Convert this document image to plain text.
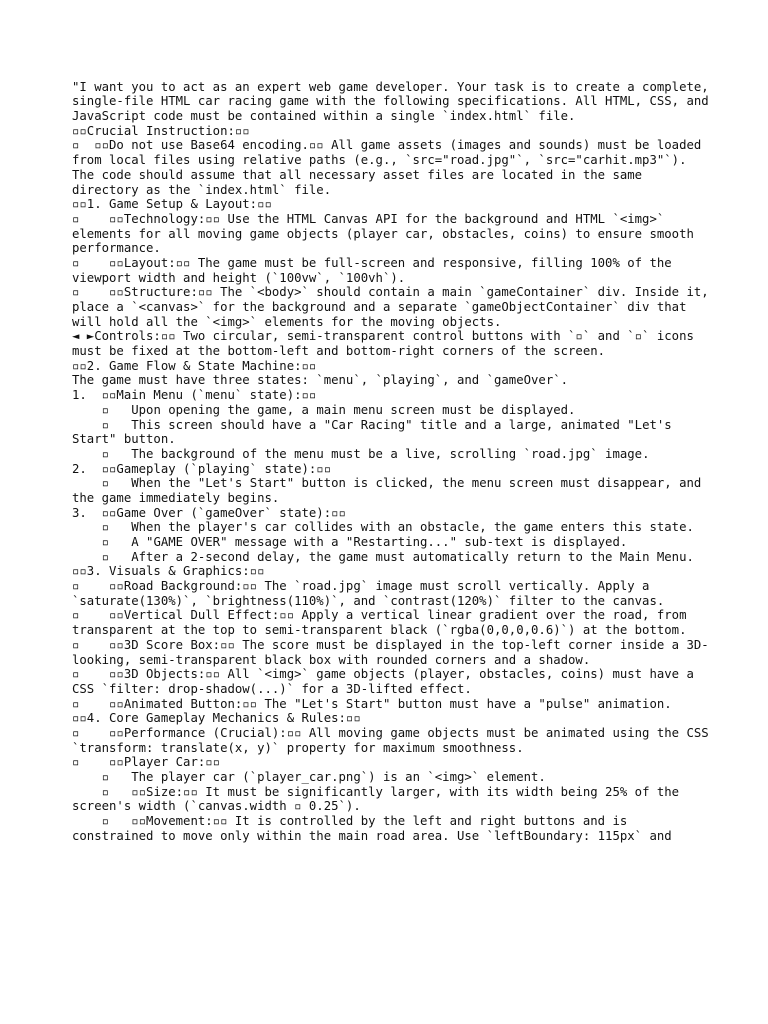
"I want you to act as an expert web game developer. Your task is to create a complete, single-file HTML car racing game with the following specifications. All HTML, CSS, and JavaScript code must be contained within a single `index.html` file.

▫▫Crucial Instruction:▫▫
▫  ▫▫Do not use Base64 encoding.▫▫ All game assets (images and sounds) must be loaded from local files using relative paths (e.g., `src="road.jpg"`, `src="carhit.mp3"`). The code should assume that all necessary asset files are located in the same directory as the `index.html` file.

▫▫1. Game Setup & Layout:▫▫
▫    ▫▫Technology:▫▫ Use the HTML Canvas API for the background and HTML `<img>` elements for all moving game objects (player car, obstacles, coins) to ensure smooth performance.
▫    ▫▫Layout:▫▫ The game must be full-screen and responsive, filling 100% of the viewport width and height (`100vw`, `100vh`).
▫    ▫▫Structure:▫▫ The `<body>` should contain a main `gameContainer` div. Inside it, place a `<canvas>` for the background and a separate `gameObjectContainer` div that will hold all the `<img>` elements for the moving objects.
◄ ►Controls:▫▫ Two circular, semi-transparent control buttons with `▫` and `▫` icons must be fixed at the bottom-left and bottom-right corners of the screen.

▫▫2. Game Flow & State Machine:▫▫
The game must have three states: `menu`, `playing`, and `gameOver`.
1.  ▫▫Main Menu (`menu` state):▫▫
▫   Upon opening the game, a main menu screen must be displayed.
▫   This screen should have a "Car Racing" title and a large, animated "Let's Start" button.
▫   The background of the menu must be a live, scrolling `road.jpg` image.
2.  ▫▫Gameplay (`playing` state):▫▫
▫   When the "Let's Start" button is clicked, the menu screen must disappear, and the game immediately begins.
3.  ▫▫Game Over (`gameOver` state):▫▫
▫   When the player's car collides with an obstacle, the game enters this state.
▫   A "GAME OVER" message with a "Restarting..." sub-text is displayed.
▫   After a 2-second delay, the game must automatically return to the Main Menu.

▫▫3. Visuals & Graphics:▫▫
▫    ▫▫Road Background:▫▫ The `road.jpg` image must scroll vertically. Apply a `saturate(130%)`, `brightness(110%)`, and `contrast(120%)` filter to the canvas.
▫    ▫▫Vertical Dull Effect:▫▫ Apply a vertical linear gradient over the road, from transparent at the top to semi-transparent black (`rgba(0,0,0,0.6)`) at the bottom.
▫    ▫▫3D Score Box:▫▫ The score must be displayed in the top-left corner inside a 3D-looking, semi-transparent black box with rounded corners and a shadow.
▫    ▫▫3D Objects:▫▫ All `<img>` game objects (player, obstacles, coins) must have a CSS `filter: drop-shadow(...)` for a 3D-lifted effect.
▫    ▫▫Animated Button:▫▫ The "Let's Start" button must have a "pulse" animation.

▫▫4. Core Gameplay Mechanics & Rules:▫▫
▫    ▫▫Performance (Crucial):▫▫ All moving game objects must be animated using the CSS `transform: translate(x, y)` property for maximum smoothness.
▫    ▫▫Player Car:▫▫
▫   The player car (`player_car.png`) is an `<img>` element.
▫   ▫▫Size:▫▫ It must be significantly larger, with its width being 25% of the screen's width (`canvas.width ▫ 0.25`).
▫   ▫▫Movement:▫▫ It is controlled by the left and right buttons and is constrained to move only within the main road area. Use `leftBoundary: 115px` and
